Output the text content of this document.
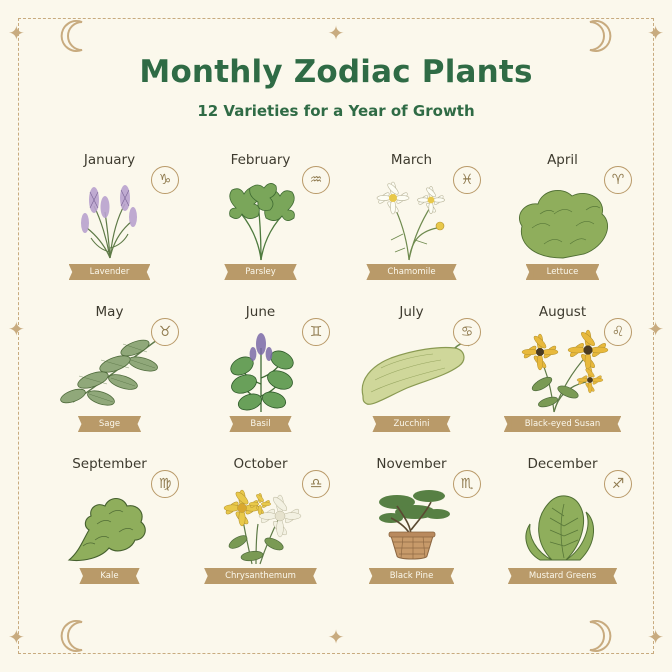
✦
✦
✦
✦
✦
✦
✦
✦
Monthly Zodiac Plants

12 Varieties for a Year of Growth

January
♑
Lavender
February
♒
Parsley
March
♓
Chamomile
April
♈
Lettuce
May
♉
Sage
June
♊
Basil
July
♋
Zucchini
August
♌
Black-eyed Susan
September
♍
Kale
October
♎
Chrysanthemum
November
♏
Black Pine
December
♐
Mustard Greens
